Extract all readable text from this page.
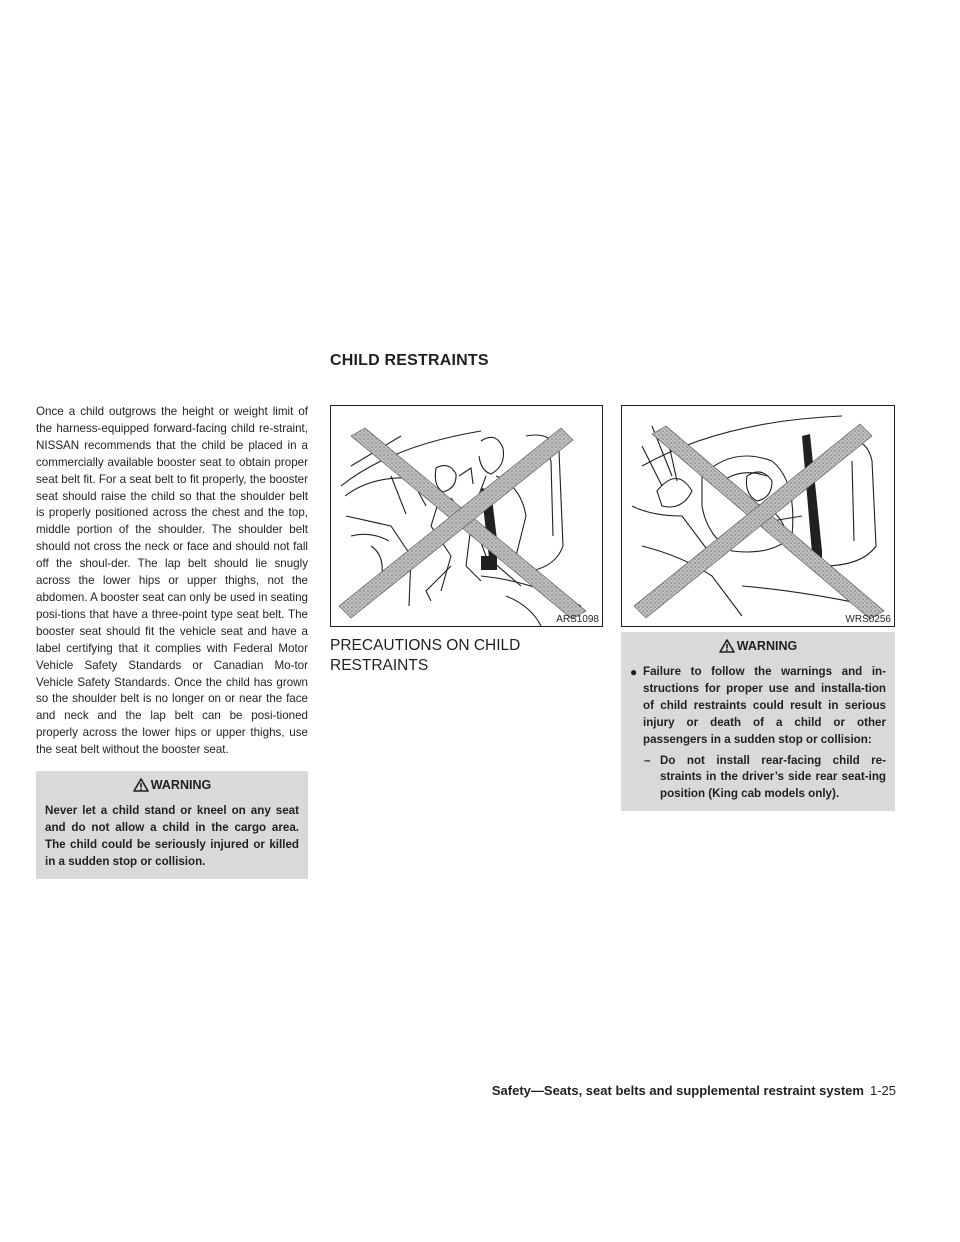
CHILD RESTRAINTS

Once a child outgrows the height or weight limit of the harness-equipped forward-facing child re-straint, NISSAN recommends that the child be placed in a commercially available booster seat to obtain proper seat belt fit. For a seat belt to fit properly, the booster seat should raise the child so that the shoulder belt is properly positioned across the chest and the top, middle portion of the shoulder. The shoulder belt should not cross the neck or face and should not fall off the shoul-der. The lap belt should lie snugly across the lower hips or upper thighs, not the abdomen. A booster seat can only be used in seating posi-tions that have a three-point type seat belt. The booster seat should fit the vehicle seat and have a label certifying that it complies with Federal Motor Vehicle Safety Standards or Canadian Mo-tor Vehicle Safety Standards. Once the child has grown so the shoulder belt is no longer on or near the face and neck and the lap belt can be posi-tioned properly across the lower hips or upper thighs, use the seat belt without the booster seat.

WARNING

Never let a child stand or kneel on any seat and do not allow a child in the cargo area. The child could be seriously injured or killed in a sudden stop or collision.

ARS1098	WRS0256

PRECAUTIONS ON CHILD RESTRAINTS

WARNING
● Failure to follow the warnings and in-structions for proper use and installa-tion of child restraints could result in serious injury or death of a child or other passengers in a sudden stop or collision:

– Do not install rear-facing child re-straints in the driver’s side rear seat-ing position (King cab models only).

Safety—Seats, seat belts and supplemental restraint system 1-25
